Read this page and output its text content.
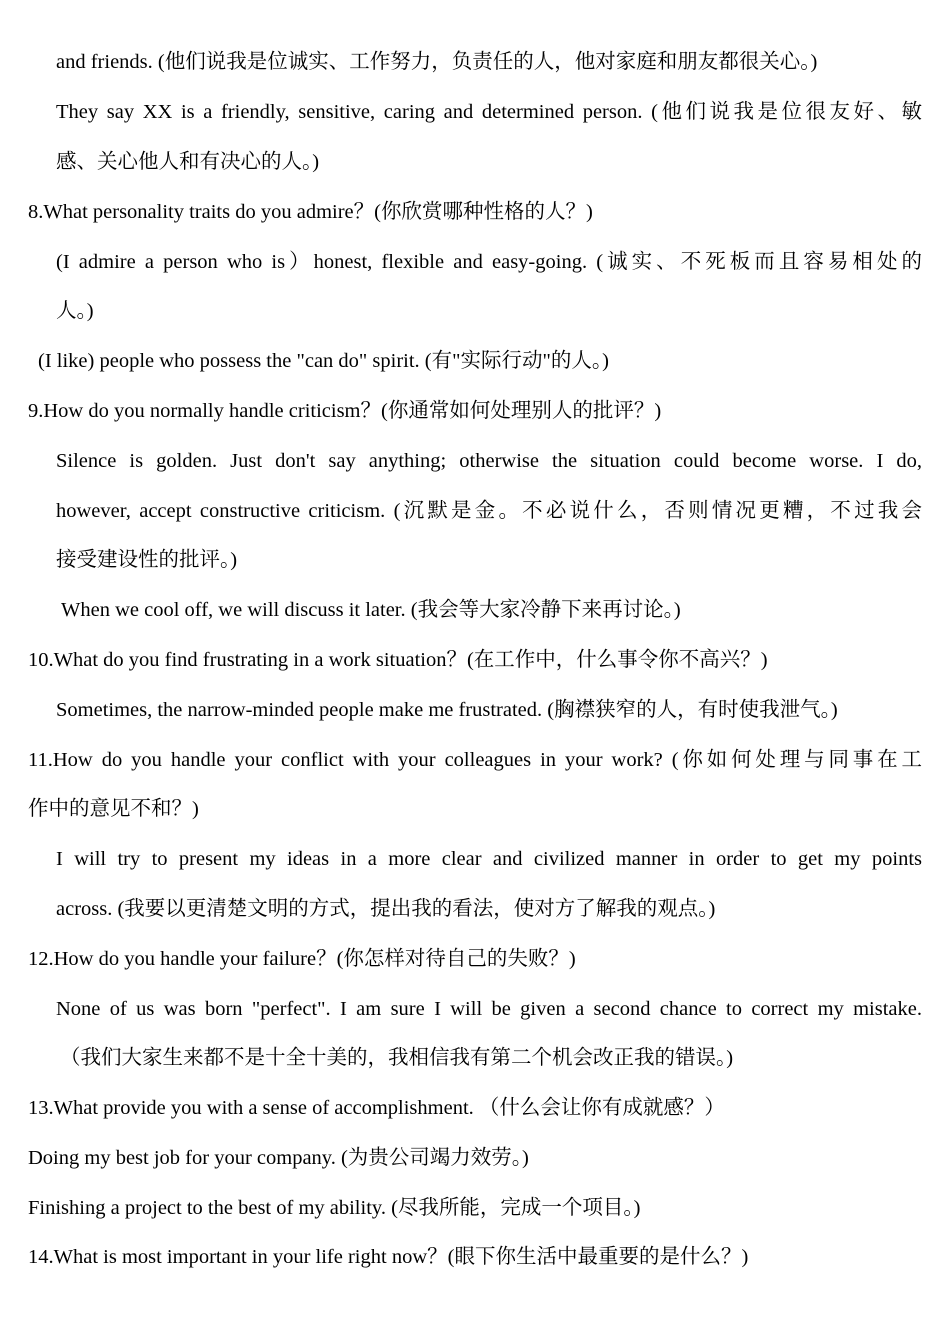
and friends. (他们说我是位诚实、工作努力，负责任的人，他对家庭和朋友都很关心。)
They say XX is a friendly, sensitive, caring and determined person. (他们说我是位很友好、敏
感、关心他人和有决心的人。)
8.What personality traits do you admire？(你欣赏哪种性格的人？)
(I admire a person who is）honest, flexible and easy-going. (诚实、不死板而且容易相处的
人。)
(I like) people who possess the "can do" spirit. (有"实际行动"的人。)
9.How do you normally handle criticism？(你通常如何处理别人的批评？)
Silence is golden. Just don't say anything; otherwise the situation could become worse. I do,
however, accept constructive criticism. (沉默是金。不必说什么，否则情况更糟，不过我会
接受建设性的批评。)
When we cool off, we will discuss it later. (我会等大家冷静下来再讨论。)
10.What do you find frustrating in a work situation？(在工作中，什么事令你不高兴？)
Sometimes, the narrow-minded people make me frustrated. (胸襟狭窄的人，有时使我泄气。)
11.How do you handle your conflict with your colleagues in your work? (你如何处理与同事在工
作中的意见不和？)
I will try to present my ideas in a more clear and civilized manner in order to get my points
across. (我要以更清楚文明的方式，提出我的看法，使对方了解我的观点。)
12.How do you handle your failure？(你怎样对待自己的失败？)
None of us was born "perfect". I am sure I will be given a second chance to correct my mistake.
（我们大家生来都不是十全十美的，我相信我有第二个机会改正我的错误。)
13.What provide you with a sense of accomplishment. （什么会让你有成就感？）
Doing my best job for your company. (为贵公司竭力效劳。)
Finishing a project to the best of my ability. (尽我所能，完成一个项目。)
14.What is most important in your life right now？(眼下你生活中最重要的是什么？)
